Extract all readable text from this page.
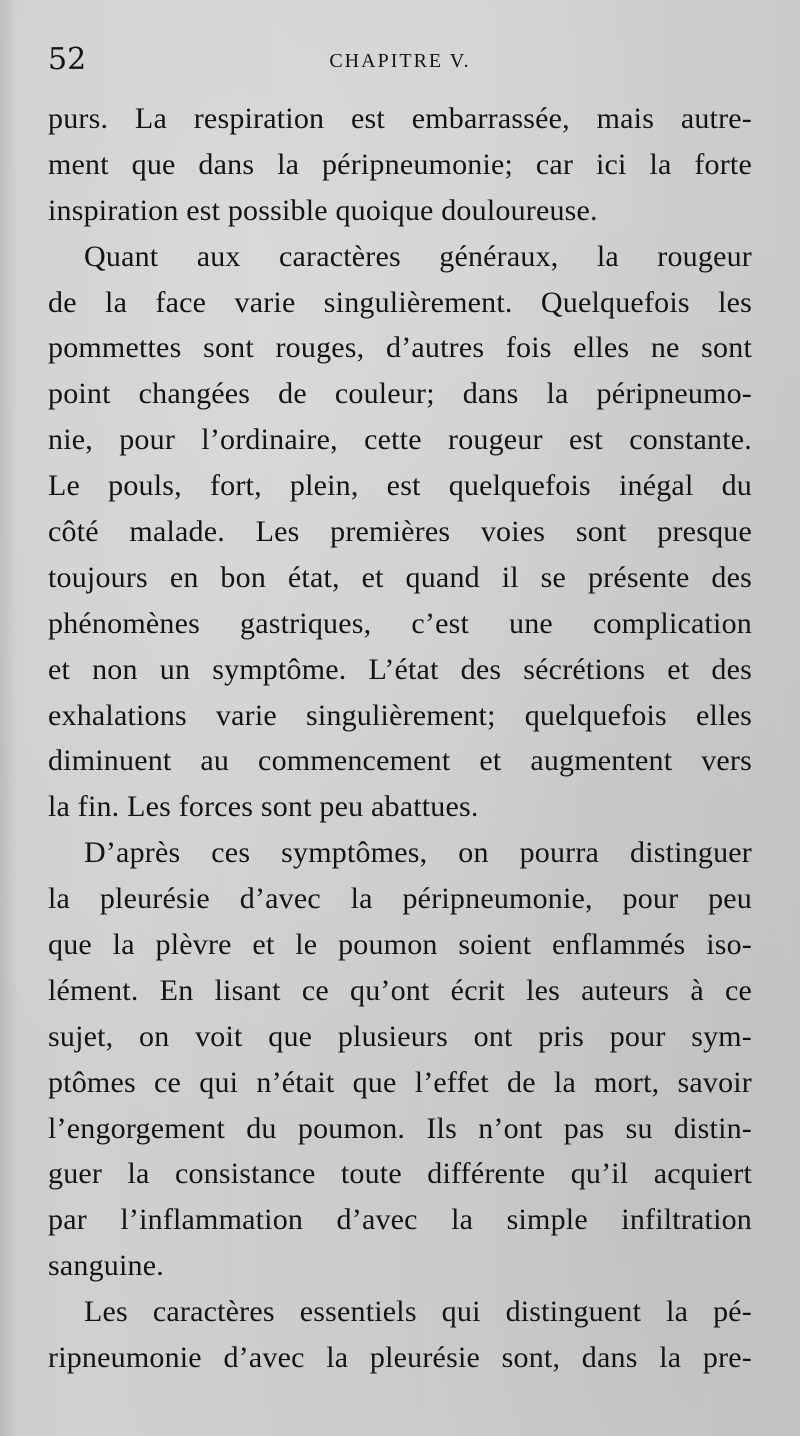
52	CHAPITRE V.
purs. La respiration est embarrassée, mais autre-
ment que dans la péripneumonie; car ici la forte
inspiration est possible quoique douloureuse.
Quant aux caractères généraux, la rougeur
de la face varie singulièrement. Quelquefois les
pommettes sont rouges, d’autres fois elles ne sont
point changées de couleur; dans la péripneumo-
nie, pour l’ordinaire, cette rougeur est constante.
Le pouls, fort, plein, est quelquefois inégal du
côté malade. Les premières voies sont presque
toujours en bon état, et quand il se présente des
phénomènes gastriques, c’est une complication
et non un symptôme. L’état des sécrétions et des
exhalations varie singulièrement; quelquefois elles
diminuent au commencement et augmentent vers
la fin. Les forces sont peu abattues.
D’après ces symptômes, on pourra distinguer
la pleurésie d’avec la péripneumonie, pour peu
que la plèvre et le poumon soient enflammés iso-
lément. En lisant ce qu’ont écrit les auteurs à ce
sujet, on voit que plusieurs ont pris pour sym-
ptômes ce qui n’était que l’effet de la mort, savoir
l’engorgement du poumon. Ils n’ont pas su distin-
guer la consistance toute différente qu’il acquiert
par l’inflammation d’avec la simple infiltration
sanguine.
Les caractères essentiels qui distinguent la pé-
ripneumonie d’avec la pleurésie sont, dans la pre-
